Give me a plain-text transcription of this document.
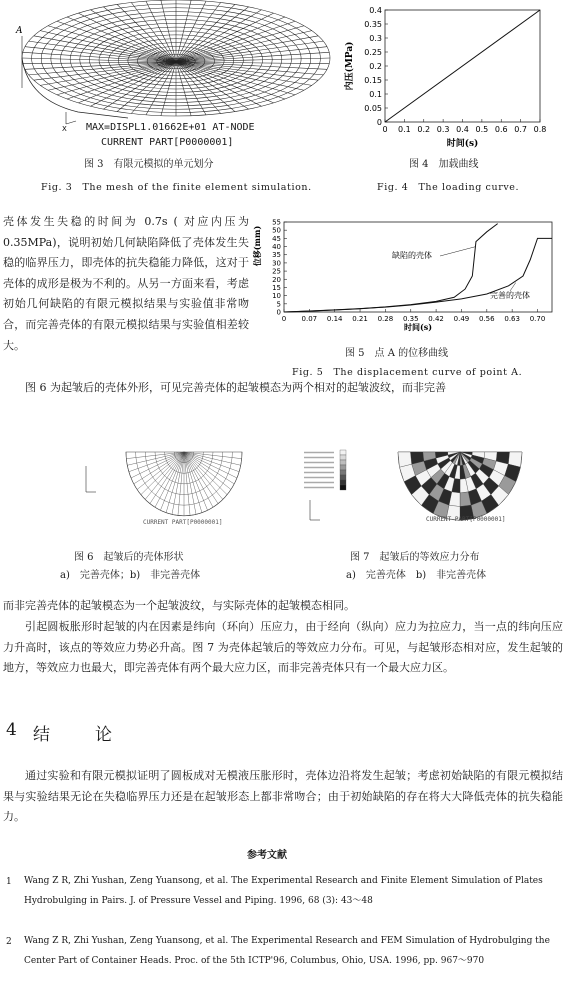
A
X MAX=DISPL1.01662E+01 AT-NODE
CURRENT PART[P0000001]
图 3　有限元模拟的单元划分
Fig. 3　The mesh of the finite element simulation.
0 0.1 0.2 0.3 0.4 0.5 0.6 0.7 0.8
0
0.05
0.1
0.15
0.2
0.25
0.3
0.35
0.4
时间(s)
内压(MPa)
图 4　加载曲线
Fig. 4　The loading curve.
壳体发生失稳的时间为 0.7s ( 对应内压为 0.35MPa)，说明初始几何缺陷降低了壳体发生失稳的临界压力，即壳体的抗失稳能力降低，这对于壳体的成形是极为不利的。从另一方面来看，考虑初始几何缺陷的有限元模拟结果与实验值非常吻合，而完善壳体的有限元模拟结果与实验值相差较大。
0 0.07 0.14 0.21 0.28 0.35 0.42 0.49 0.56 0.63 0.70
0
5
10
15
20
25
30
35
40
45
50
55
缺陷的壳体
完善的壳体
时间(s)
位移(mm)
图 5　点 A 的位移曲线
Fig. 5　The displacement curve of point A.
图 6 为起皱后的壳体外形，可见完善壳体的起皱模态为两个相对的起皱波纹，而非完善
CURRENT PART[P0000001]
图 6　起皱后的壳体形状
a)　完善壳体；b)　非完善壳体
CURRENT PART[P0000001]
图 7　起皱后的等效应力分布
a)　完善壳体　b)　非完善壳体
而非完善壳体的起皱模态为一个起皱波纹，与实际壳体的起皱模态相同。
引起圆板胀形时起皱的内在因素是纬向（环向）压应力，由于经向（纵向）应力为拉应力，当一点的纬向压应力升高时，该点的等效应力势必升高。图 7 为壳体起皱后的等效应力分布。可见，与起皱形态相对应，发生起皱的地方，等效应力也最大，即完善壳体有两个最大应力区，而非完善壳体只有一个最大应力区。
4 结　论
通过实验和有限元模拟证明了圆板成对无模液压胀形时，壳体边沿将发生起皱；考虑初始缺陷的有限元模拟结果与实验结果无论在失稳临界压力还是在起皱形态上都非常吻合；由于初始缺陷的存在将大大降低壳体的抗失稳能力。
参考文献
1 Wang Z R, Zhi Yushan, Zeng Yuansong, et al. The Experimental Research and Finite Element Simulation of Plates Hydrobulging in Pairs. J. of Pressure Vessel and Piping. 1996, 68 (3): 43～48
2 Wang Z R, Zhi Yushan, Zeng Yuansong, et al. The Experimental Research and FEM Simulation of Hydrobulging the Center Part of Container Heads. Proc. of the 5th ICTP'96, Columbus, Ohio, USA. 1996, pp. 967～970
